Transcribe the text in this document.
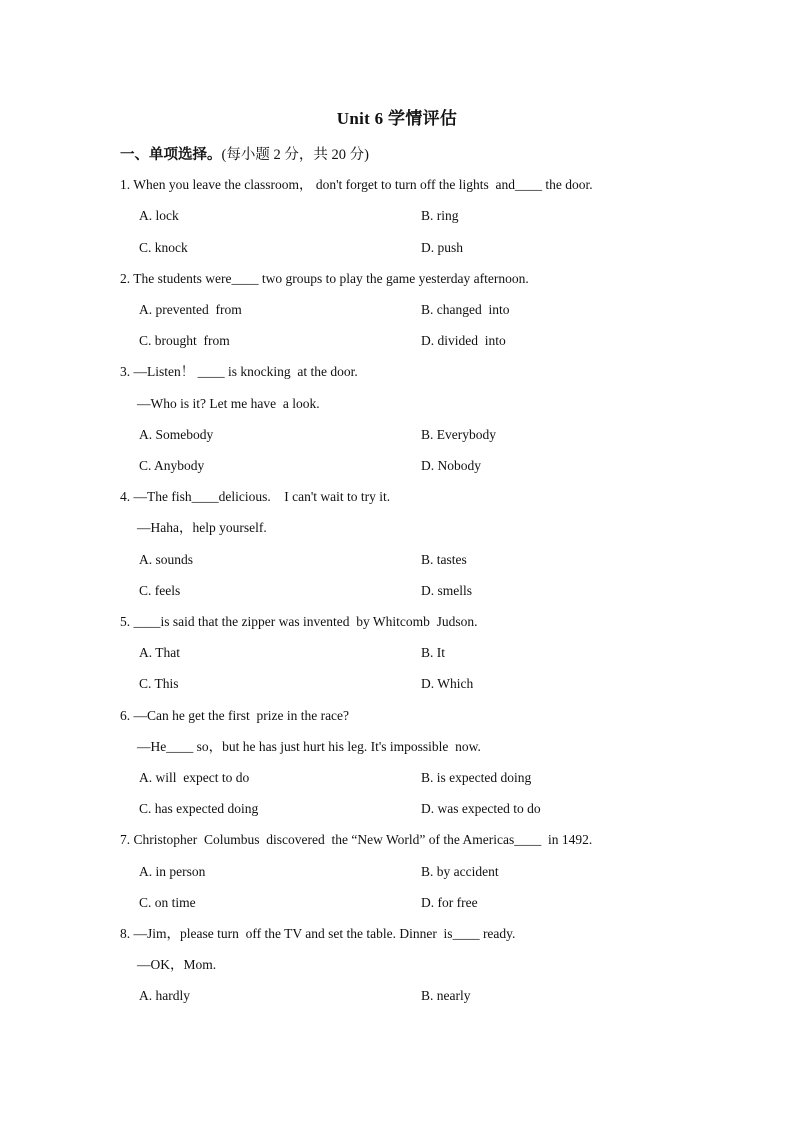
Unit 6 学情评估
一、单项选择。(每小题 2 分，共 20 分)
1. When you leave the classroom， don't forget to turn off the lights  and____ the door.
A. lock	B. ring
C. knock	D. push
2. The students were____ two groups to play the game yesterday afternoon.
A. prevented  from	B. changed  into
C. brought  from	D. divided  into
3. —Listen！ ____ is knocking  at the door.
—Who is it? Let me have  a look.
A. Somebody	B. Everybody
C. Anybody	D. Nobody
4. —The fish____delicious.    I can't wait to try it.
—Haha，help yourself.
A. sounds	B. tastes
C. feels	D. smells
5. ____is said that the zipper was invented  by Whitcomb  Judson.
A. That	B. It
C. This	D. Which
6. —Can he get the first  prize in the race?
—He____ so，but he has just hurt his leg. It's impossible  now.
A. will  expect to do	B. is expected doing
C. has expected doing	D. was expected to do
7. Christopher  Columbus  discovered  the “New World” of the Americas____  in 1492.
A. in person	B. by accident
C. on time	D. for free
8. —Jim，please turn  off the TV and set the table. Dinner  is____ ready.
—OK，Mom.
A. hardly	B. nearly
